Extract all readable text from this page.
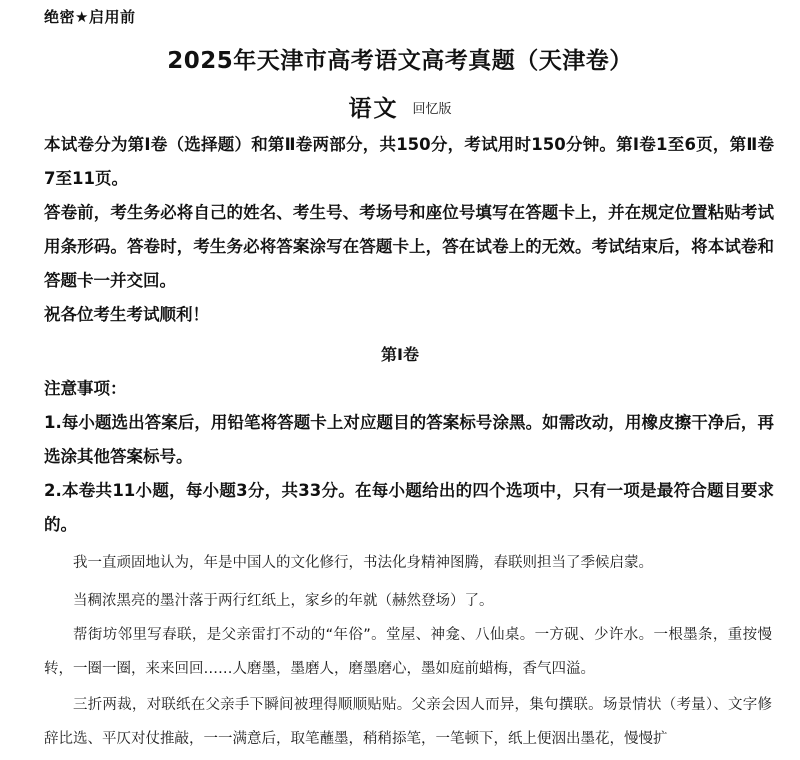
绝密★启用前
2025年天津市高考语文高考真题（天津卷）
语文 回忆版
本试卷分为第Ⅰ卷（选择题）和第Ⅱ卷两部分，共150分，考试用时150分钟。第Ⅰ卷1至6页，第Ⅱ卷7至11页。
答卷前，考生务必将自己的姓名、考生号、考场号和座位号填写在答题卡上，并在规定位置粘贴考试用条形码。答卷时，考生务必将答案涂写在答题卡上，答在试卷上的无效。考试结束后，将本试卷和答题卡一并交回。
祝各位考生考试顺利！
第Ⅰ卷
注意事项：
1.每小题选出答案后，用铅笔将答题卡上对应题目的答案标号涂黑。如需改动，用橡皮擦干净后，再选涂其他答案标号。
2.本卷共11小题，每小题3分，共33分。在每小题给出的四个选项中，只有一项是最符合题目要求的。
我一直顽固地认为，年是中国人的文化修行，书法化身精神图腾，春联则担当了季候启蒙。
当稠浓黑亮的墨汁落于两行红纸上，家乡的年就（赫然登场）了。
帮街坊邻里写春联，是父亲雷打不动的“年俗”。堂屋、神龛、八仙桌。一方砚、少许水。一根墨条，重按慢转，一圈一圈，来来回回……人磨墨，墨磨人，磨墨磨心，墨如庭前蜡梅，香气四溢。
三折两裁，对联纸在父亲手下瞬间被理得顺顺贴贴。父亲会因人而异，集句撰联。场景情状（考量）、文字修辞比选、平仄对仗推敲，一一满意后，取笔蘸墨，稍稍掭笔，一笔顿下，纸上便洇出墨花，慢慢扩
